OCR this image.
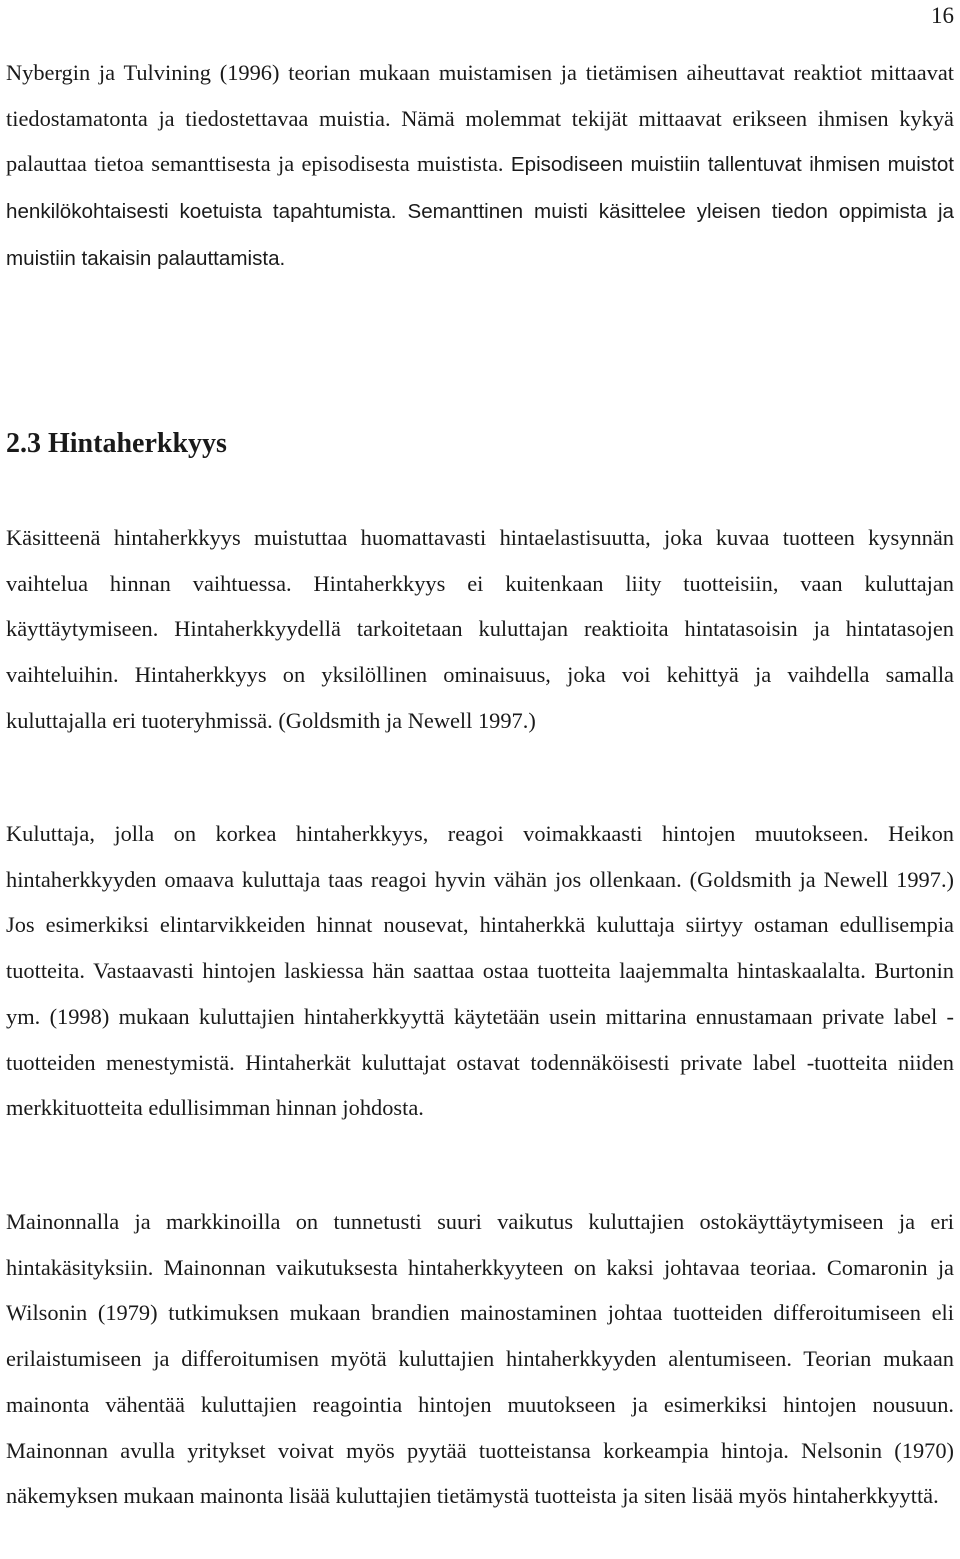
16

Nybergin ja Tulvining (1996) teorian mukaan muistamisen ja tietämisen aiheuttavat reaktiot mittaavat tiedostamatonta ja tiedostettavaa muistia. Nämä molemmat tekijät mittaavat erikseen ihmisen kykyä palauttaa tietoa semanttisesta ja episodisesta muistista. Episodiseen muistiin tallentuvat ihmisen muistot henkilökohtaisesti koetuista tapahtumista. Semanttinen muisti käsittelee yleisen tiedon oppimista ja muistiin takaisin palauttamista.

2.3 Hintaherkkyys

Käsitteenä hintaherkkyys muistuttaa huomattavasti hintaelastisuutta, joka kuvaa tuotteen kysynnän vaihtelua hinnan vaihtuessa. Hintaherkkyys ei kuitenkaan liity tuotteisiin, vaan kuluttajan käyttäytymiseen. Hintaherkkyydellä tarkoitetaan kuluttajan reaktioita hintatasoisin ja hintatasojen vaihteluihin. Hintaherkkyys on yksilöllinen ominaisuus, joka voi kehittyä ja vaihdella samalla kuluttajalla eri tuoteryhmissä. (Goldsmith ja Newell 1997.)

Kuluttaja, jolla on korkea hintaherkkyys, reagoi voimakkaasti hintojen muutokseen. Heikon hintaherkkyyden omaava kuluttaja taas reagoi hyvin vähän jos ollenkaan. (Goldsmith ja Newell 1997.) Jos esimerkiksi elintarvikkeiden hinnat nousevat, hintaherkkä kuluttaja siirtyy ostaman edullisempia tuotteita. Vastaavasti hintojen laskiessa hän saattaa ostaa tuotteita laajemmalta hintaskaalalta. Burtonin ym. (1998) mukaan kuluttajien hintaherkkyyttä käytetään usein mittarina ennustamaan private label -tuotteiden menestymistä. Hintaherkät kuluttajat ostavat todennäköisesti private label -tuotteita niiden merkkituotteita edullisimman hinnan johdosta.

Mainonnalla ja markkinoilla on tunnetusti suuri vaikutus kuluttajien ostokäyttäytymiseen ja eri hintakäsityksiin. Mainonnan vaikutuksesta hintaherkkyyteen on kaksi johtavaa teoriaa. Comaronin ja Wilsonin (1979) tutkimuksen mukaan brandien mainostaminen johtaa tuotteiden differoitumiseen eli erilaistumiseen ja differoitumisen myötä kuluttajien hintaherkkyyden alentumiseen. Teorian mukaan mainonta vähentää kuluttajien reagointia hintojen muutokseen ja esimerkiksi hintojen nousuun. Mainonnan avulla yritykset voivat myös pyytää tuotteistansa korkeampia hintoja. Nelsonin (1970) näkemyksen mukaan mainonta lisää kuluttajien tietämystä tuotteista ja siten lisää myös hintaherkkyyttä.
